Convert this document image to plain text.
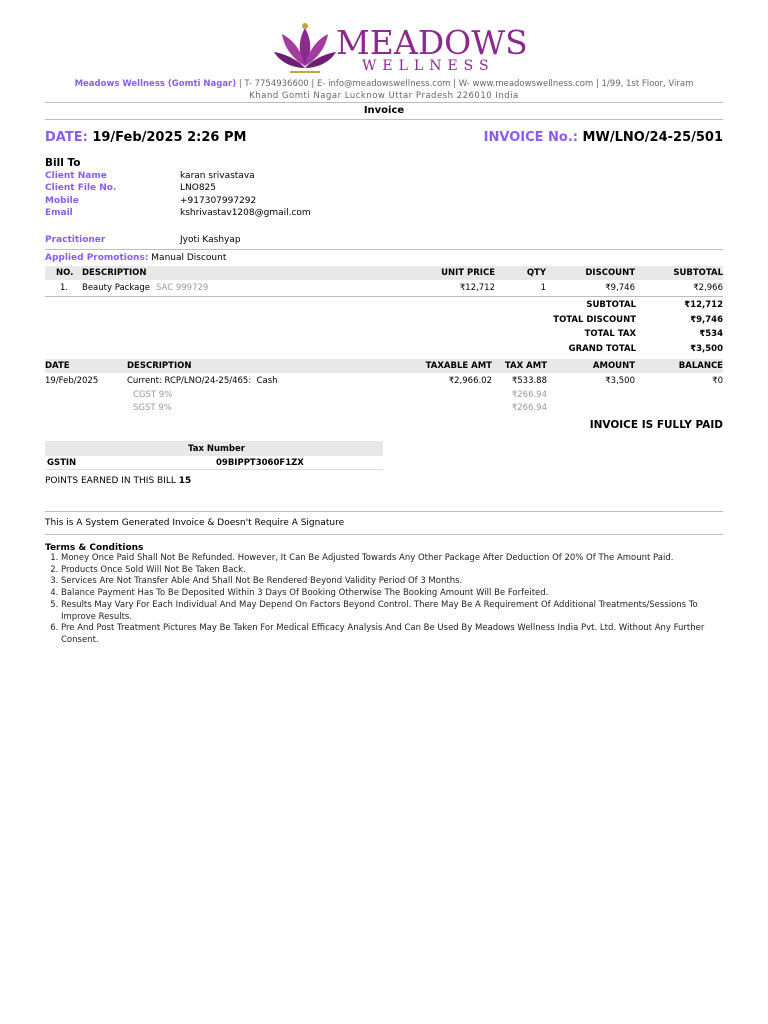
MEADOWS
WELLNESS
Meadows Wellness (Gomti Nagar) | T- 7754936600 | E- info@meadowswellness.com | W- www.meadowswellness.com | 1/99, 1st Floor, Viram
Khand Gomti Nagar Lucknow Uttar Pradesh 226010 India
Invoice
DATE: 19/Feb/2025 2:26 PM	INVOICE No.: MW/LNO/24-25/501
Bill To
Client Name	karan srivastava
Client File No.	LNO825
Mobile	+917307997292
Email	kshrivastav1208@gmail.com
Practitioner	Jyoti Kashyap
Applied Promotions: Manual Discount
NO. DESCRIPTION	UNIT PRICE	QTY	DISCOUNT	SUBTOTAL
1. Beauty Package SAC 999729	₹12,712	1	₹9,746	₹2,966
SUBTOTAL	₹12,712
TOTAL DISCOUNT	₹9,746
TOTAL TAX	₹534
GRAND TOTAL	₹3,500
DATE	DESCRIPTION	TAXABLE AMT	TAX AMT	AMOUNT	BALANCE
19/Feb/2025	Current: RCP/LNO/24-25/465:  Cash	₹2,966.02	₹533.88	₹3,500	₹0
CGST 9%	₹266.94
SGST 9%	₹266.94
INVOICE IS FULLY PAID
Tax Number
GSTIN	09BIPPT3060F1ZX
POINTS EARNED IN THIS BILL 15
This is A System Generated Invoice & Doesn't Require A Signature
Terms & Conditions
1. Money Once Paid Shall Not Be Refunded. However, It Can Be Adjusted Towards Any Other Package After Deduction Of 20% Of The Amount Paid.
2. Products Once Sold Will Not Be Taken Back.
3. Services Are Not Transfer Able And Shall Not Be Rendered Beyond Validity Period Of 3 Months.
4. Balance Payment Has To Be Deposited Within 3 Days Of Booking Otherwise The Booking Amount Will Be Forfeited.
5. Results May Vary For Each Individual And May Depend On Factors Beyond Control. There May Be A Requirement Of Additional Treatments/Sessions To Improve Results.
6. Pre And Post Treatment Pictures May Be Taken For Medical Efficacy Analysis And Can Be Used By Meadows Wellness India Pvt. Ltd. Without Any Further Consent.
